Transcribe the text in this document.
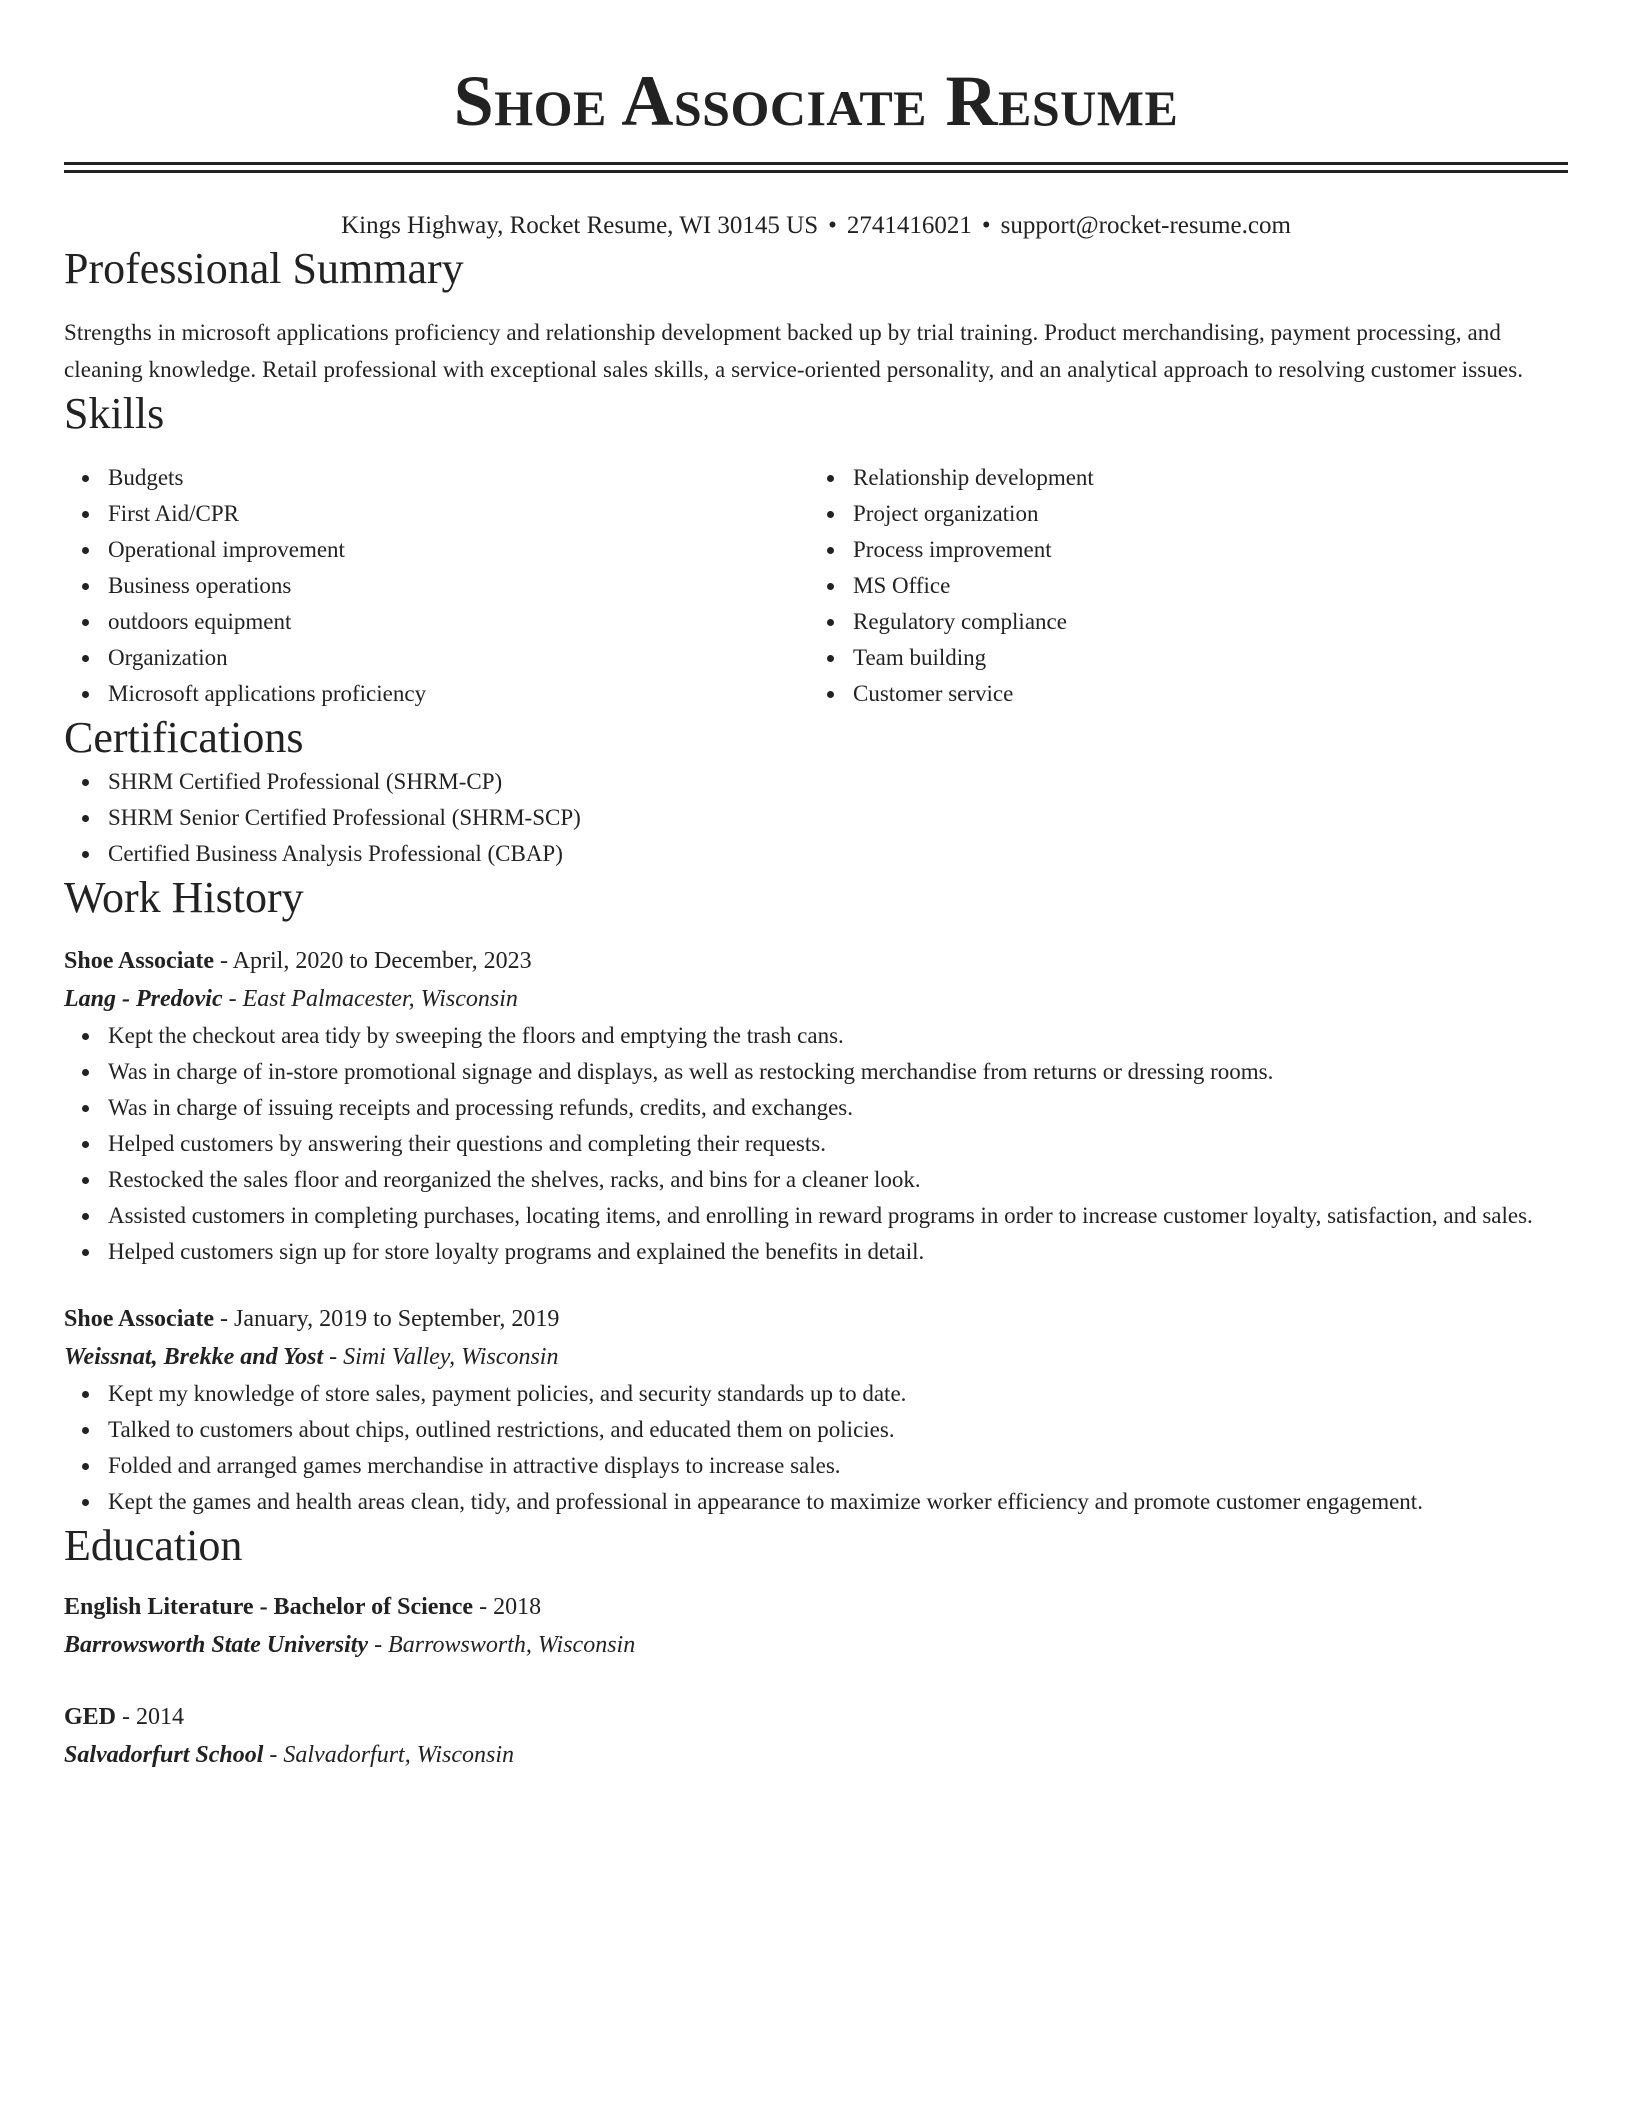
Shoe Associate Resume
Kings Highway, Rocket Resume, WI 30145 US • 2741416021 • support@rocket-resume.com
Professional Summary
Strengths in microsoft applications proficiency and relationship development backed up by trial training. Product merchandising, payment processing, and cleaning knowledge. Retail professional with exceptional sales skills, a service-oriented personality, and an analytical approach to resolving customer issues.
Skills
Budgets
First Aid/CPR
Operational improvement
Business operations
outdoors equipment
Organization
Microsoft applications proficiency
Relationship development
Project organization
Process improvement
MS Office
Regulatory compliance
Team building
Customer service
Certifications
SHRM Certified Professional (SHRM-CP)
SHRM Senior Certified Professional (SHRM-SCP)
Certified Business Analysis Professional (CBAP)
Work History
Shoe Associate - April, 2020 to December, 2023
Lang - Predovic - East Palmacester, Wisconsin
Kept the checkout area tidy by sweeping the floors and emptying the trash cans.
Was in charge of in-store promotional signage and displays, as well as restocking merchandise from returns or dressing rooms.
Was in charge of issuing receipts and processing refunds, credits, and exchanges.
Helped customers by answering their questions and completing their requests.
Restocked the sales floor and reorganized the shelves, racks, and bins for a cleaner look.
Assisted customers in completing purchases, locating items, and enrolling in reward programs in order to increase customer loyalty, satisfaction, and sales.
Helped customers sign up for store loyalty programs and explained the benefits in detail.
Shoe Associate - January, 2019 to September, 2019
Weissnat, Brekke and Yost - Simi Valley, Wisconsin
Kept my knowledge of store sales, payment policies, and security standards up to date.
Talked to customers about chips, outlined restrictions, and educated them on policies.
Folded and arranged games merchandise in attractive displays to increase sales.
Kept the games and health areas clean, tidy, and professional in appearance to maximize worker efficiency and promote customer engagement.
Education
English Literature - Bachelor of Science - 2018
Barrowsworth State University - Barrowsworth, Wisconsin
GED - 2014
Salvadorfurt School - Salvadorfurt, Wisconsin
